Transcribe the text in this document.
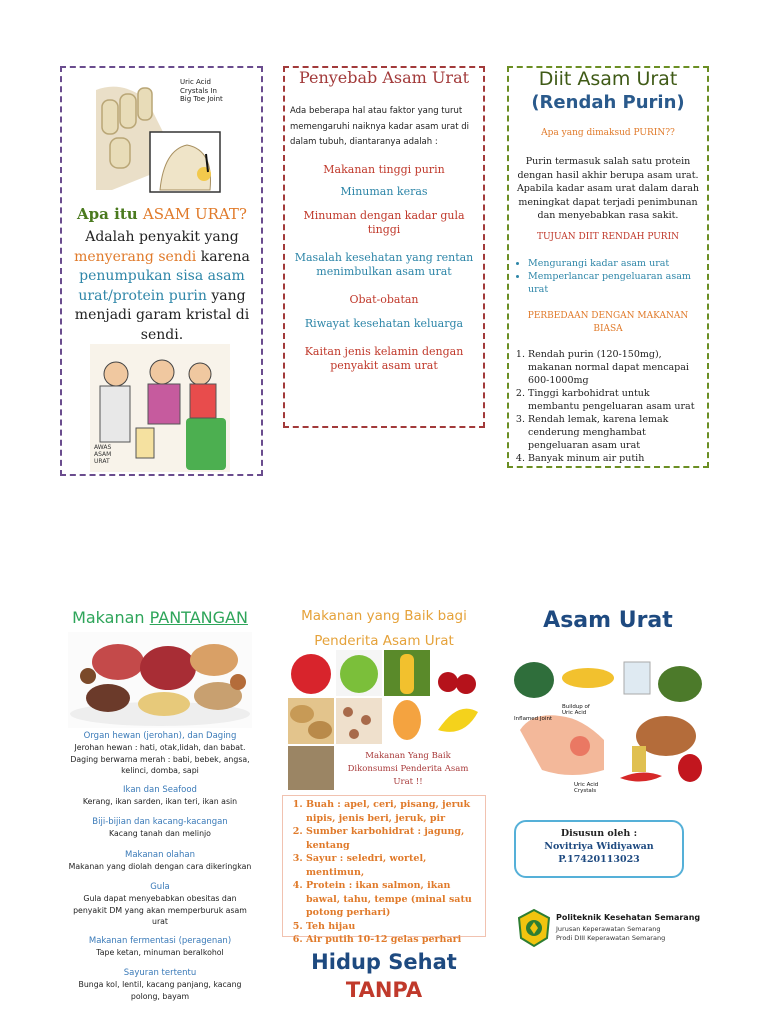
Uric Acid Crystals In Big Toe Joint
Apa itu ASAM URAT?
Adalah penyakit yang menyerang sendi karena penumpukan sisa asam urat/protein purin yang menjadi garam kristal di sendi.
AWAS ASAM URAT
Penyebab Asam Urat
Ada beberapa hal atau faktor yang turut memengaruhi naiknya kadar asam urat di dalam tubuh, diantaranya adalah :
Makanan tinggi purin
Minuman keras
Minuman dengan kadar gula tinggi
Masalah kesehatan yang rentan menimbulkan asam urat
Obat-obatan
Riwayat kesehatan keluarga
Kaitan jenis kelamin dengan penyakit asam urat
Diit Asam Urat
(Rendah Purin)
Apa yang dimaksud PURIN??
Purin termasuk salah satu protein dengan hasil akhir berupa asam urat. Apabila kadar asam urat dalam darah meningkat dapat terjadi penimbunan dan menyebabkan rasa sakit.
TUJUAN DIIT RENDAH PURIN
• Mengurangi kadar asam urat
• Memperlancar pengeluaran asam urat
PERBEDAAN DENGAN MAKANAN BIASA
1. Rendah purin (120-150mg), makanan normal dapat mencapai 600-1000mg
2. Tinggi karbohidrat untuk membantu pengeluaran asam urat
3. Rendah lemak, karena lemak cenderung menghambat pengeluaran asam urat
4. Banyak minum air putih
Makanan PANTANGAN
Organ hewan (jerohan), dan Daging
Jerohan hewan : hati, otak,lidah, dan babat. Daging berwarna merah : babi, bebek, angsa, kelinci, domba, sapi
Ikan dan Seafood
Kerang, ikan sarden, ikan teri, ikan asin
Biji-bijian dan kacang-kacangan
Kacang tanah dan melinjo
Makanan olahan
Makanan yang diolah dengan cara dikeringkan
Gula
Gula dapat menyebabkan obesitas dan penyakit DM yang akan memperburuk asam urat
Makanan fermentasi (peragenan)
Tape ketan, minuman beralkohol
Sayuran tertentu
Bunga kol, lentil, kacang panjang, kacang polong, bayam
Makanan yang Baik bagi
Penderita Asam Urat
Makanan Yang Baik Dikonsumsi Penderita Asam Urat !!
1. Buah : apel, ceri, pisang, jeruk nipis, jenis beri, jeruk, pir
2. Sumber karbohidrat : jagung, kentang
3. Sayur : seledri, wortel, mentimun,
4. Protein : ikan salmon, ikan bawal, tahu, tempe (minal satu potong perhari)
5. Teh hijau
6. Air putih 10-12 gelas perhari
Hidup Sehat
TANPA
Asam Urat
Inflamed Joint
Buildup of Uric Acid
Uric Acid Crystals
Disusun oleh :
Novitriya Widiyawan
P.17420113023
Politeknik Kesehatan Semarang
Jurusan Keperawatan Semarang
Prodi DIII Keperawatan Semarang
